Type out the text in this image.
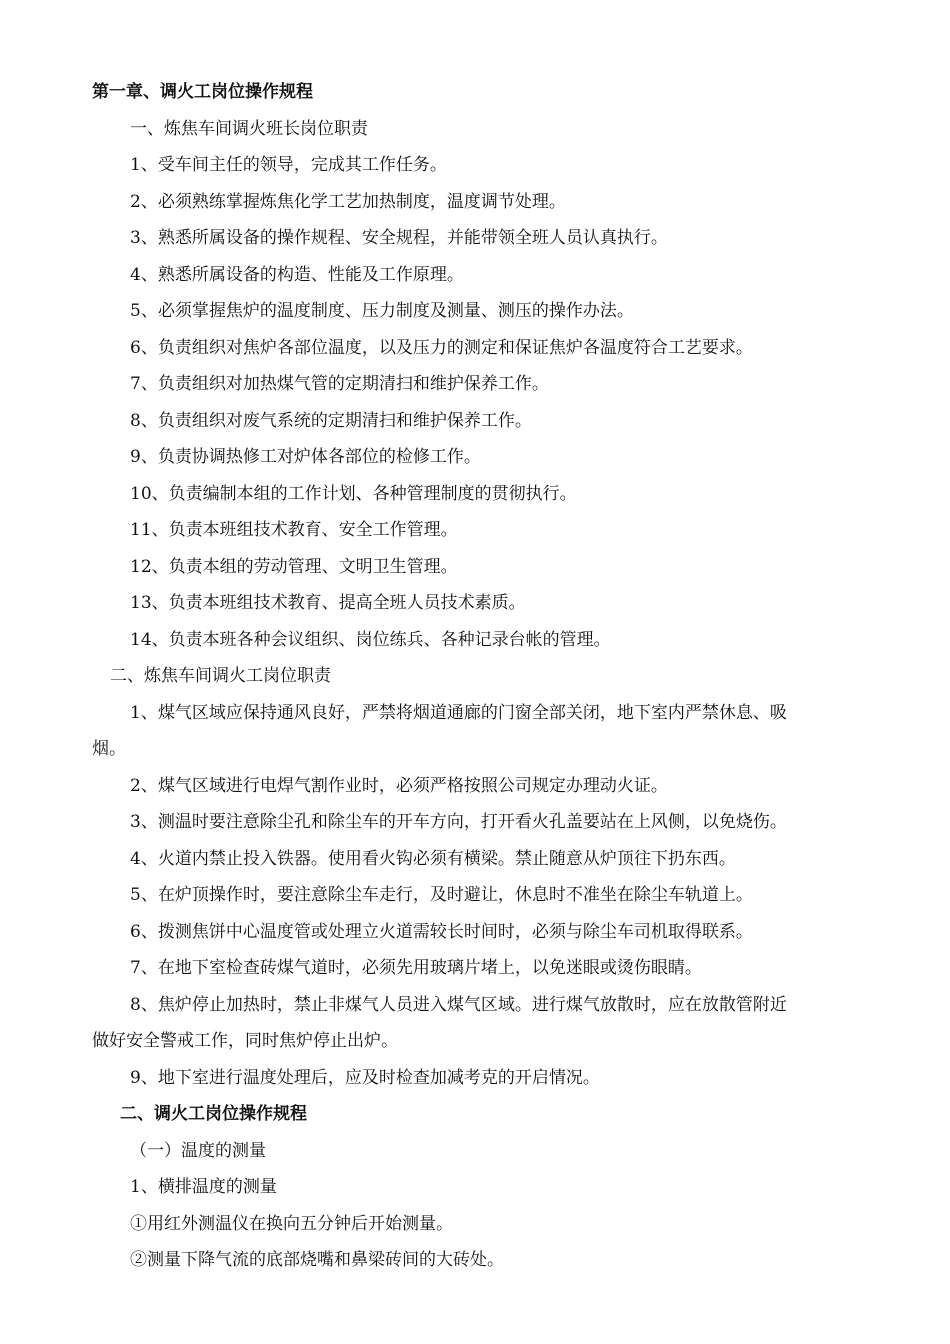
第一章、调火工岗位操作规程
一、炼焦车间调火班长岗位职责
1、受车间主任的领导，完成其工作任务。
2、必须熟练掌握炼焦化学工艺加热制度，温度调节处理。
3、熟悉所属设备的操作规程、安全规程，并能带领全班人员认真执行。
4、熟悉所属设备的构造、性能及工作原理。
5、必须掌握焦炉的温度制度、压力制度及测量、测压的操作办法。
6、负责组织对焦炉各部位温度，以及压力的测定和保证焦炉各温度符合工艺要求。
7、负责组织对加热煤气管的定期清扫和维护保养工作。
8、负责组织对废气系统的定期清扫和维护保养工作。
9、负责协调热修工对炉体各部位的检修工作。
10、负责编制本组的工作计划、各种管理制度的贯彻执行。
11、负责本班组技术教育、安全工作管理。
12、负责本组的劳动管理、文明卫生管理。
13、负责本班组技术教育、提高全班人员技术素质。
14、负责本班各种会议组织、岗位练兵、各种记录台帐的管理。
二、炼焦车间调火工岗位职责
1、煤气区域应保持通风良好，严禁将烟道通廊的门窗全部关闭，地下室内严禁休息、吸
烟。
2、煤气区域进行电焊气割作业时，必须严格按照公司规定办理动火证。
3、测温时要注意除尘孔和除尘车的开车方向，打开看火孔盖要站在上风侧，以免烧伤。
4、火道内禁止投入铁器。使用看火钩必须有横梁。禁止随意从炉顶往下扔东西。
5、在炉顶操作时，要注意除尘车走行，及时避让，休息时不准坐在除尘车轨道上。
6、拨测焦饼中心温度管或处理立火道需较长时间时，必须与除尘车司机取得联系。
7、在地下室检查砖煤气道时，必须先用玻璃片堵上，以免迷眼或烫伤眼睛。
8、焦炉停止加热时，禁止非煤气人员进入煤气区域。进行煤气放散时，应在放散管附近
做好安全警戒工作，同时焦炉停止出炉。
9、地下室进行温度处理后，应及时检查加减考克的开启情况。
二、调火工岗位操作规程
（一）温度的测量
1、横排温度的测量
①用红外测温仪在换向五分钟后开始测量。
②测量下降气流的底部烧嘴和鼻梁砖间的大砖处。
